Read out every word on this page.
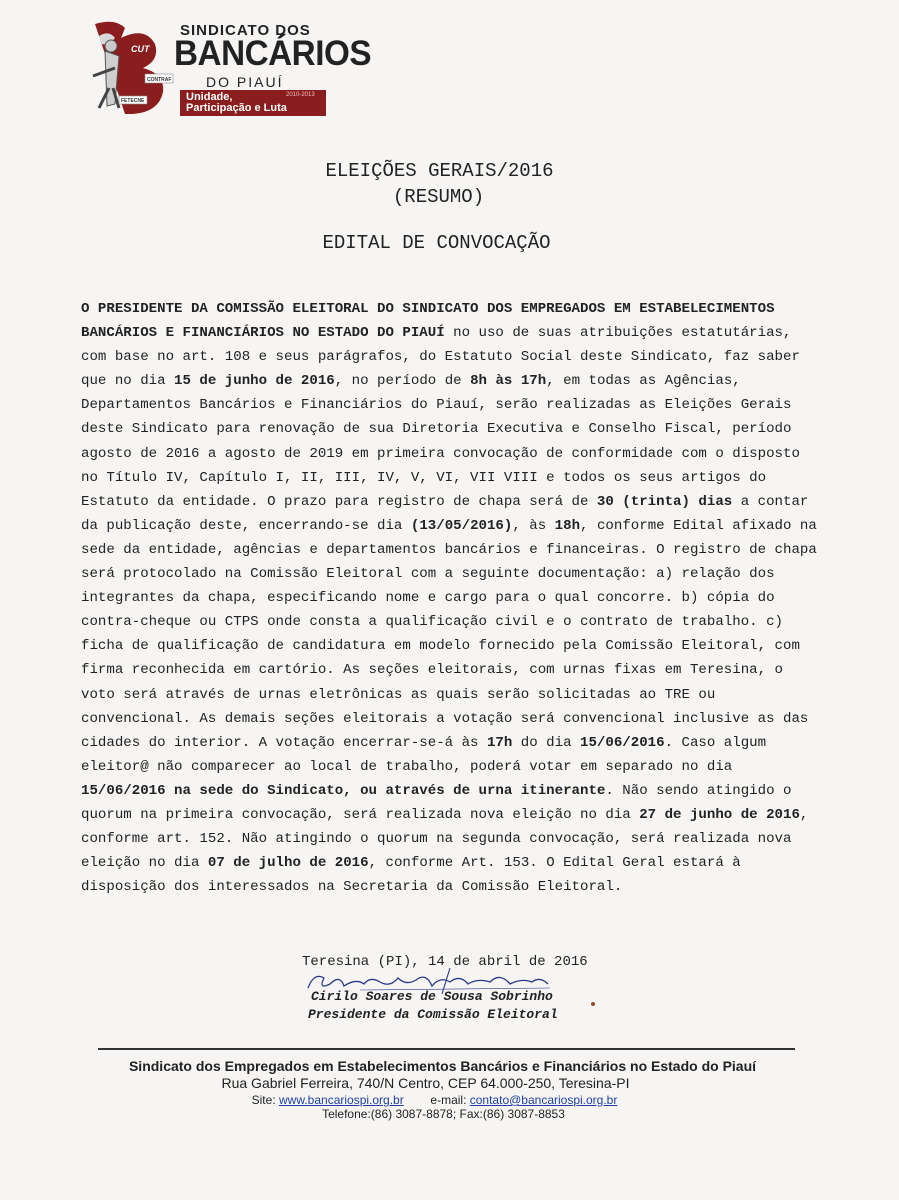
CUT
CONTRAF
FETECNE
SINDICATO DOS
BANCÁRIOS
DO PIAUÍ
Unidade,
Participação e Luta
2010-2013
ELEIÇÕES GERAIS/2016
(RESUMO)
EDITAL DE CONVOCAÇÃO
O PRESIDENTE DA COMISSÃO ELEITORAL DO SINDICATO DOS EMPREGADOS EM ESTABELECIMENTOS
BANCÁRIOS E FINANCIÁRIOS NO ESTADO DO PIAUÍ no uso de suas atribuições estatutárias,
com base no art. 108 e seus parágrafos, do Estatuto Social deste Sindicato, faz saber
que no dia 15 de junho de 2016, no período de 8h às 17h, em todas as Agências,
Departamentos Bancários e Financiários do Piauí, serão realizadas as Eleições Gerais
deste Sindicato para renovação de sua Diretoria Executiva e Conselho Fiscal, período
agosto de 2016 a agosto de 2019 em primeira convocação de conformidade com o disposto
no Título IV, Capítulo I, II, III, IV, V, VI, VII VIII e todos os seus artigos do
Estatuto da entidade. O prazo para registro de chapa será de 30 (trinta) dias a contar
da publicação deste, encerrando-se dia (13/05/2016), às 18h, conforme Edital afixado na
sede da entidade, agências e departamentos bancários e financeiras. O registro de chapa
será protocolado na Comissão Eleitoral com a seguinte documentação: a) relação dos
integrantes da chapa, especificando nome e cargo para o qual concorre. b) cópia do
contra-cheque ou CTPS onde consta a qualificação civil e o contrato de trabalho. c)
ficha de qualificação de candidatura em modelo fornecido pela Comissão Eleitoral, com
firma reconhecida em cartório. As seções eleitorais, com urnas fixas em Teresina, o
voto será através de urnas eletrônicas as quais serão solicitadas ao TRE ou
convencional. As demais seções eleitorais a votação será convencional inclusive as das
cidades do interior. A votação encerrar-se-á às 17h do dia 15/06/2016. Caso algum
eleitor@ não comparecer ao local de trabalho, poderá votar em separado no dia
15/06/2016 na sede do Sindicato, ou através de urna itinerante. Não sendo atingido o
quorum na primeira convocação, será realizada nova eleição no dia 27 de junho de 2016,
conforme art. 152. Não atingindo o quorum na segunda convocação, será realizada nova
eleição no dia 07 de julho de 2016, conforme Art. 153. O Edital Geral estará à
disposição dos interessados na Secretaria da Comissão Eleitoral.
Teresina (PI), 14 de abril de 2016
Cirilo Soares de Sousa Sobrinho
Presidente da Comissão Eleitoral
Sindicato dos Empregados em Estabelecimentos Bancários e Financiários no Estado do Piauí
Rua Gabriel Ferreira, 740/N Centro, CEP 64.000-250, Teresina-PI
Site: www.bancariospi.org.br e-mail: contato@bancariospi.org.br
Telefone:(86) 3087-8878; Fax:(86) 3087-8853
